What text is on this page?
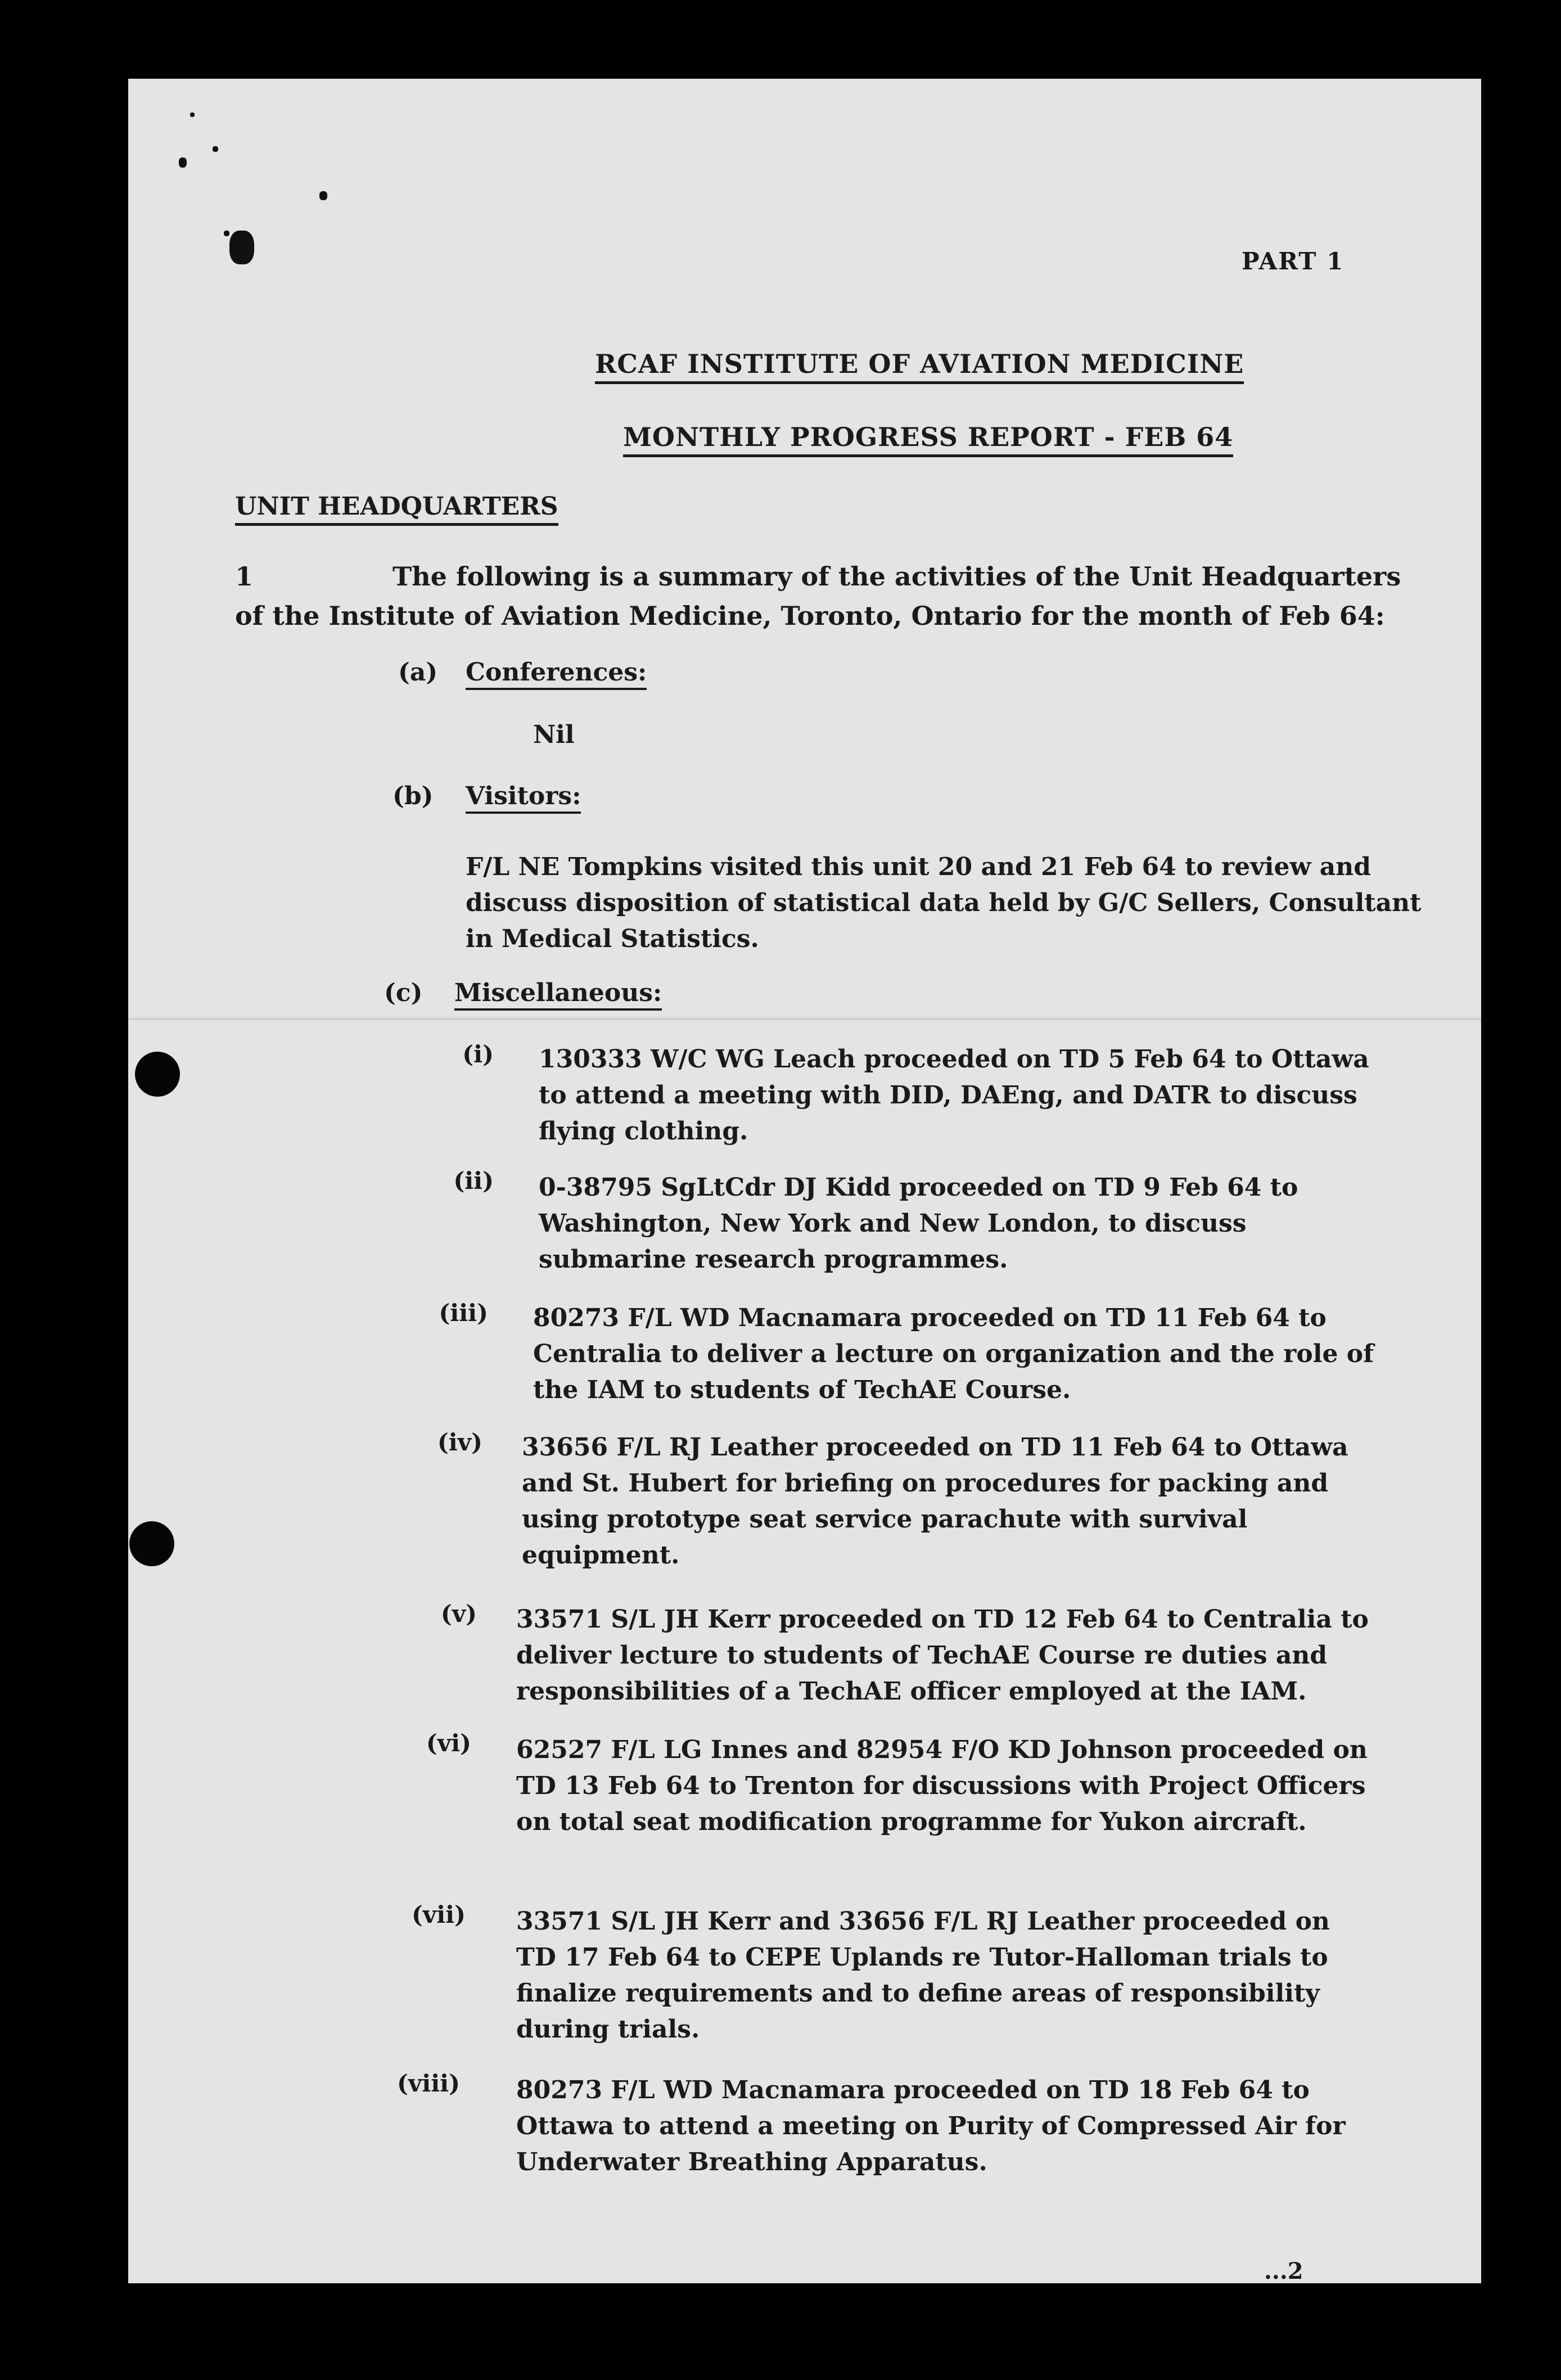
PART 1
RCAF INSTITUTE OF AVIATION MEDICINE
MONTHLY PROGRESS REPORT - FEB 64
UNIT HEADQUARTERS
1	The following is a summary of the activities of the Unit Headquarters of the Institute of Aviation Medicine, Toronto, Ontario for the month of Feb 64:
(a) Conferences:
Nil
(b) Visitors:
F/L NE Tompkins visited this unit 20 and 21 Feb 64 to review and discuss disposition of statistical data held by G/C Sellers, Consultant in Medical Statistics.
(c) Miscellaneous:
(i) 130333 W/C WG Leach proceeded on TD 5 Feb 64 to Ottawa to attend a meeting with DID, DAEng, and DATR to discuss flying clothing.
(ii) 0-38795 SgLtCdr DJ Kidd proceeded on TD 9 Feb 64 to Washington, New York and New London, to discuss submarine research programmes.
(iii) 80273 F/L WD Macnamara proceeded on TD 11 Feb 64 to Centralia to deliver a lecture on organization and the role of the IAM to students of TechAE Course.
(iv) 33656 F/L RJ Leather proceeded on TD 11 Feb 64 to Ottawa and St. Hubert for briefing on procedures for packing and using prototype seat service parachute with survival equipment.
(v) 33571 S/L JH Kerr proceeded on TD 12 Feb 64 to Centralia to deliver lecture to students of TechAE Course re duties and responsibilities of a TechAE officer employed at the IAM.
(vi) 62527 F/L LG Innes and 82954 F/O KD Johnson proceeded on TD 13 Feb 64 to Trenton for discussions with Project Officers on total seat modification programme for Yukon aircraft.
(vii) 33571 S/L JH Kerr and 33656 F/L RJ Leather proceeded on TD 17 Feb 64 to CEPE Uplands re Tutor-Halloman trials to finalize requirements and to define areas of responsibility during trials.
(viii) 80273 F/L WD Macnamara proceeded on TD 18 Feb 64 to Ottawa to attend a meeting on Purity of Compressed Air for Underwater Breathing Apparatus.
...2
